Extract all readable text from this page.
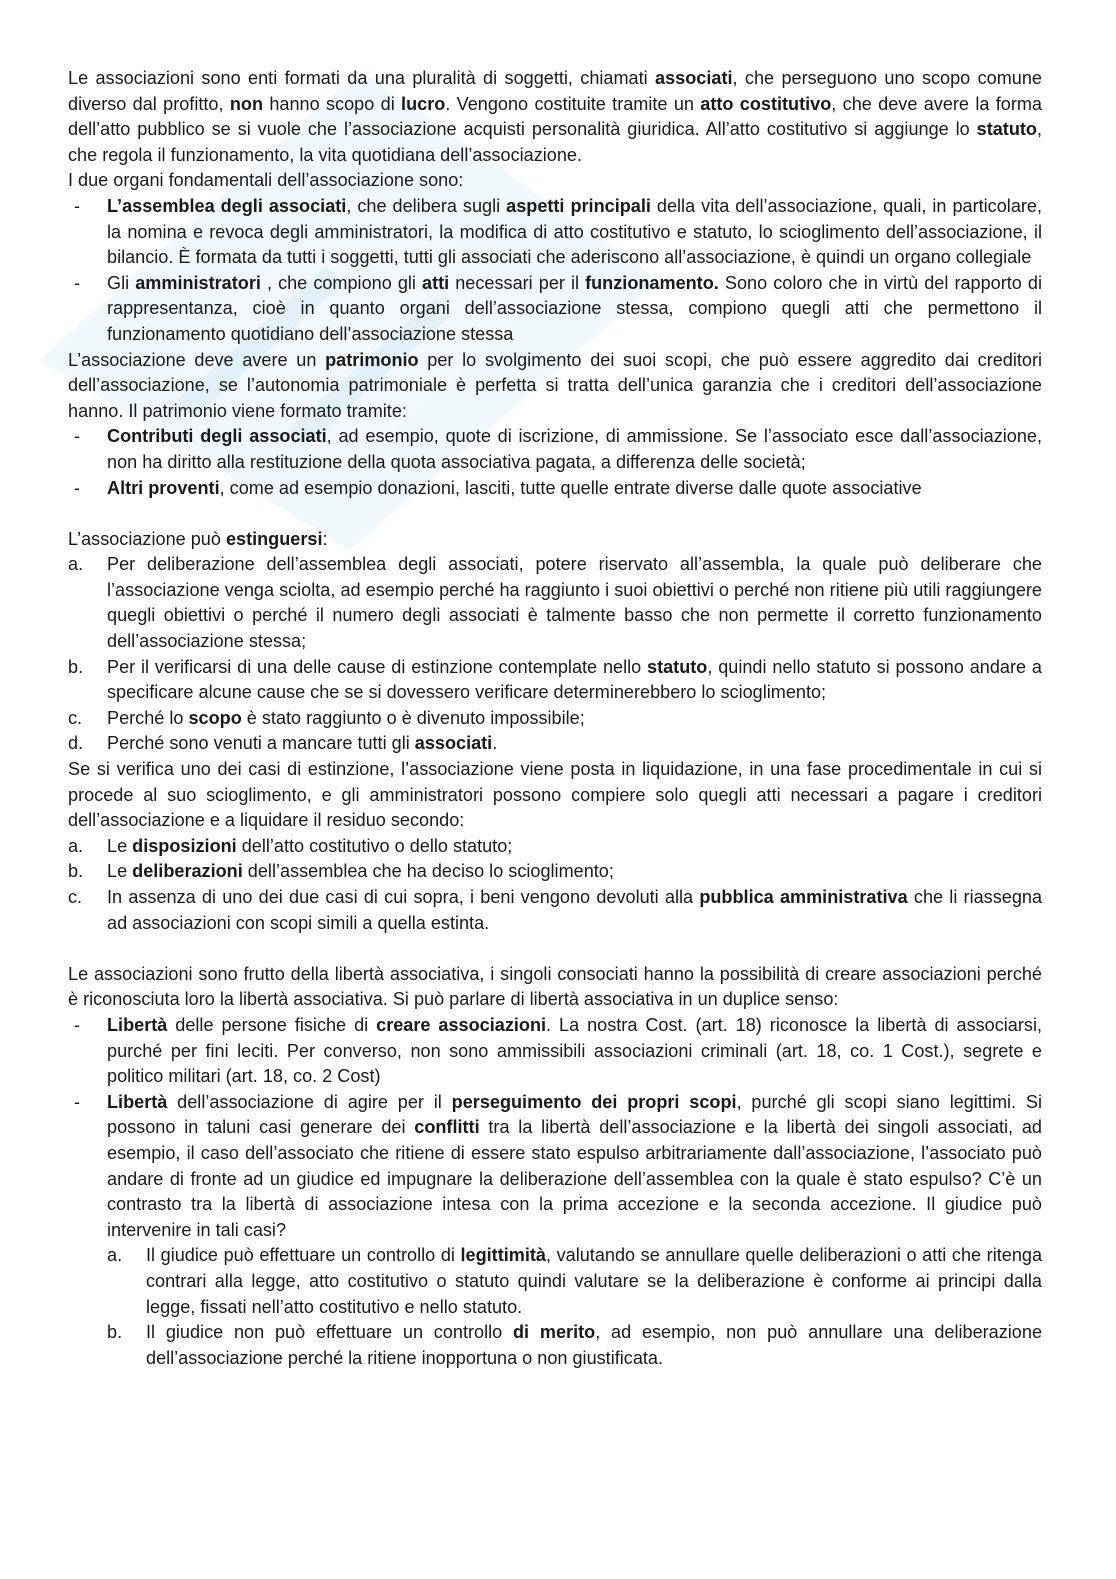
Le associazioni sono enti formati da una pluralità di soggetti, chiamati associati, che perseguono uno scopo comune diverso dal profitto, non hanno scopo di lucro. Vengono costituite tramite un atto costitutivo, che deve avere la forma dell’atto pubblico se si vuole che l’associazione acquisti personalità giuridica. All’atto costitutivo si aggiunge lo statuto, che regola il funzionamento, la vita quotidiana dell’associazione.

I due organi fondamentali dell’associazione sono:

-	L’assemblea degli associati, che delibera sugli aspetti principali della vita dell’associazione, quali, in particolare, la nomina e revoca degli amministratori, la modifica di atto costitutivo e statuto, lo scioglimento dell’associazione, il bilancio. È formata da tutti i soggetti, tutti gli associati che aderiscono all’associazione, è quindi un organo collegiale
-	Gli amministratori , che compiono gli atti necessari per il funzionamento. Sono coloro che in virtù del rapporto di rappresentanza, cioè in quanto organi dell’associazione stessa, compiono quegli atti che permettono il funzionamento quotidiano dell’associazione stessa

L’associazione deve avere un patrimonio per lo svolgimento dei suoi scopi, che può essere aggredito dai creditori dell’associazione, se l’autonomia patrimoniale è perfetta si tratta dell’unica garanzia che i creditori dell’associazione hanno. Il patrimonio viene formato tramite:

-	Contributi degli associati, ad esempio, quote di iscrizione, di ammissione. Se l’associato esce dall’associazione, non ha diritto alla restituzione della quota associativa pagata, a differenza delle società;
-	Altri proventi, come ad esempio donazioni, lasciti, tutte quelle entrate diverse dalle quote associative

L’associazione può estinguersi:

a.	Per deliberazione dell’assemblea degli associati, potere riservato all’assembla, la quale può deliberare che l’associazione venga sciolta, ad esempio perché ha raggiunto i suoi obiettivi o perché non ritiene più utili raggiungere quegli obiettivi o perché il numero degli associati è talmente basso che non permette il corretto funzionamento dell’associazione stessa;
b.	Per il verificarsi di una delle cause di estinzione contemplate nello statuto, quindi nello statuto si possono andare a specificare alcune cause che se si dovessero verificare determinerebbero lo scioglimento;
c.	Perché lo scopo è stato raggiunto o è divenuto impossibile;
d.	Perché sono venuti a mancare tutti gli associati.

Se si verifica uno dei casi di estinzione, l’associazione viene posta in liquidazione, in una fase procedimentale in cui si procede al suo scioglimento, e gli amministratori possono compiere solo quegli atti necessari a pagare i creditori dell’associazione e a liquidare il residuo secondo:

a.	Le disposizioni dell’atto costitutivo o dello statuto;
b.	Le deliberazioni dell’assemblea che ha deciso lo scioglimento;
c.	In assenza di uno dei due casi di cui sopra, i beni vengono devoluti alla pubblica amministrativa che li riassegna ad associazioni con scopi simili a quella estinta.

Le associazioni sono frutto della libertà associativa, i singoli consociati hanno la possibilità di creare associazioni perché è riconosciuta loro la libertà associativa. Si può parlare di libertà associativa in un duplice senso:

-	Libertà delle persone fisiche di creare associazioni. La nostra Cost. (art. 18) riconosce la libertà di associarsi, purché per fini leciti. Per converso, non sono ammissibili associazioni criminali (art. 18, co. 1 Cost.), segrete e politico militari (art. 18, co. 2 Cost)
-	Libertà dell’associazione di agire per il perseguimento dei propri scopi, purché gli scopi siano legittimi. Si possono in taluni casi generare dei conflitti tra la libertà dell’associazione e la libertà dei singoli associati, ad esempio, il caso dell’associato che ritiene di essere stato espulso arbitrariamente dall’associazione, l’associato può andare di fronte ad un giudice ed impugnare la deliberazione dell’assemblea con la quale è stato espulso? C’è un contrasto tra la libertà di associazione intesa con la prima accezione e la seconda accezione. Il giudice può intervenire in tali casi?
a.	Il giudice può effettuare un controllo di legittimità, valutando se annullare quelle deliberazioni o atti che ritenga contrari alla legge, atto costitutivo o statuto quindi valutare se la deliberazione è conforme ai principi dalla legge, fissati nell’atto costitutivo e nello statuto.
b.	Il giudice non può effettuare un controllo di merito, ad esempio, non può annullare una deliberazione dell’associazione perché la ritiene inopportuna o non giustificata.
